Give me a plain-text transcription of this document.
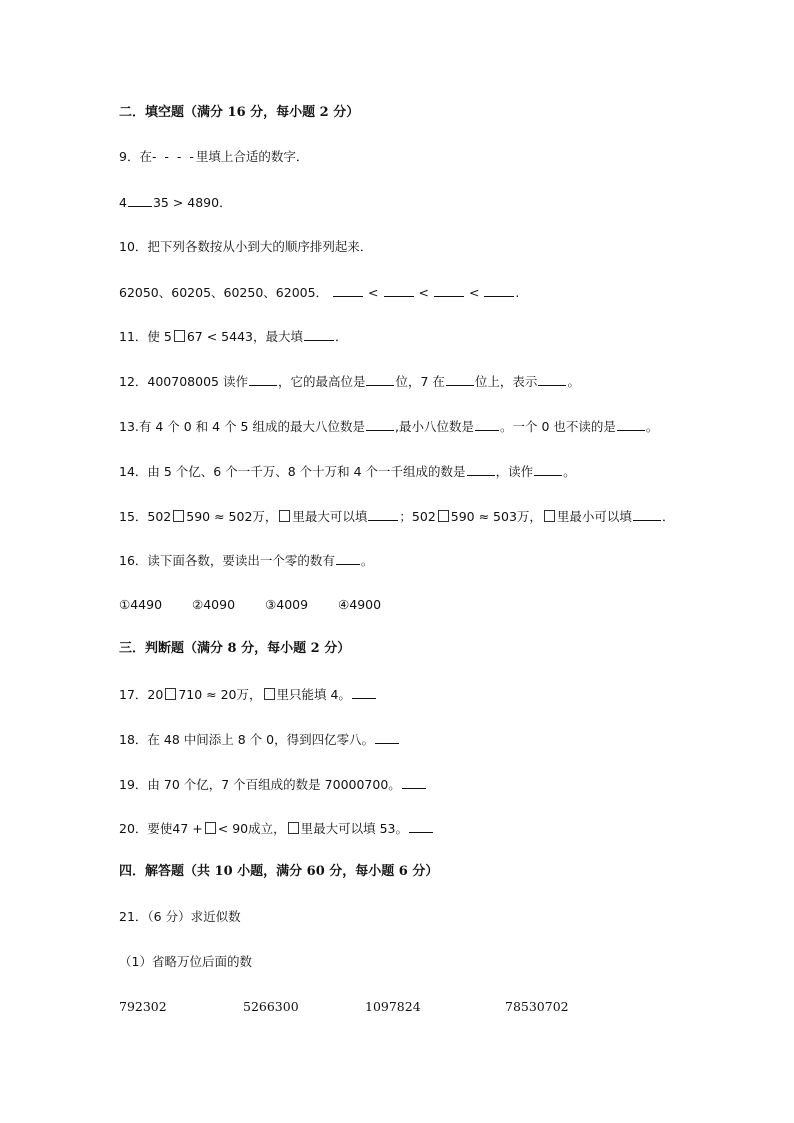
二．填空题（满分 16 分，每小题 2 分）
9．在- - - -里填上合适的数字．
4 35 > 4890．
10．把下列各数按从小到大的顺序排列起来．
62050、60205、60250、62005．	<	<	<	.
11．使 5 67 < 5443，最大填	．
12．400708005 读作 ，它的最高位是 位，7 在 位上，表示 。
13.有 4 个 0 和 4 个 5 组成的最大八位数是 ,最小八位数是 。一个 0 也不读的是 。
14．由 5 个亿、6 个一千万、8 个十万和 4 个一千组成的数是 ，读作 。
15．502 590 ≈ 502万， 里最大可以填	；502 590 ≈ 503万， 里最小可以填 ．
16．读下面各数，要读出一个零的数有 。
①4490 ②4090 ③4009 ④4900
三．判断题（满分 8 分，每小题 2 分）
17．20 710 ≈ 20万， 里只能填 4。
18．在 48 中间添上 8 个 0，得到四亿零八。
19．由 70 个亿，7 个百组成的数是 70000700。
20．要使47 + < 90成立， 里最大可以填 53。
四．解答题（共 10 小题，满分 60 分，每小题 6 分）
21．（6 分）求近似数
（1）省略万位后面的数
792302	5266300	1097824	78530702
